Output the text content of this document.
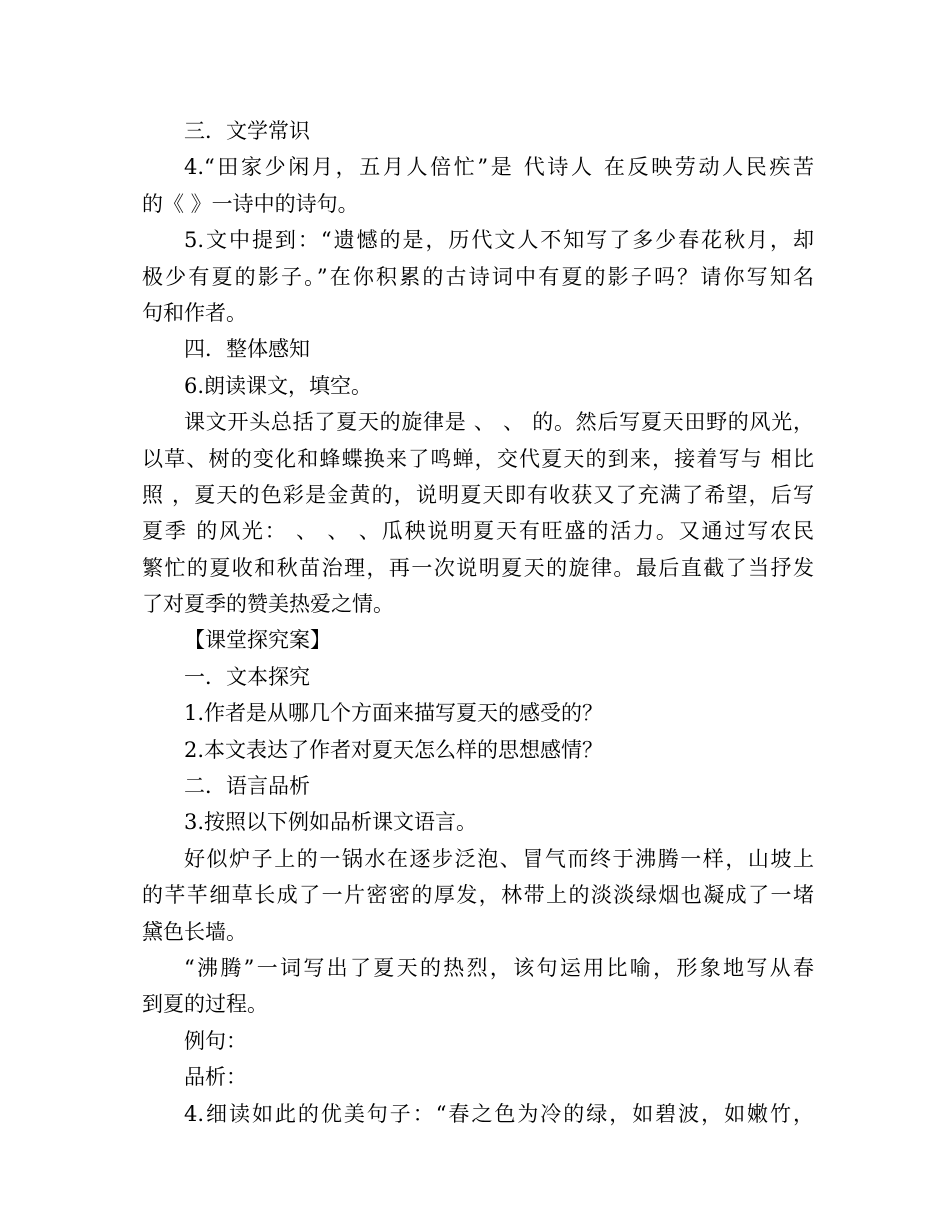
三．文学常识
4.“田家少闲月，五月人倍忙”是 代诗人 在反映劳动人民疾苦
的《 》一诗中的诗句。
5.文中提到：“遗憾的是，历代文人不知写了多少春花秋月，却
极少有夏的影子。”在你积累的古诗词中有夏的影子吗？请你写知名
句和作者。
四．整体感知
6.朗读课文，填空。
课文开头总括了夏天的旋律是 、 、 的。然后写夏天田野的风光，
以草、树的变化和蜂蝶换来了鸣蝉，交代夏天的到来，接着写与 相比
照 ，夏天的色彩是金黄的，说明夏天即有收获又了充满了希望，后写
夏季 的风光： 、 、 、瓜秧说明夏天有旺盛的活力。又通过写农民
繁忙的夏收和秋苗治理，再一次说明夏天的旋律。最后直截了当抒发
了对夏季的赞美热爱之情。
【课堂探究案】
一．文本探究
1.作者是从哪几个方面来描写夏天的感受的？
2.本文表达了作者对夏天怎么样的思想感情？
二．语言品析
3.按照以下例如品析课文语言。
好似炉子上的一锅水在逐步泛泡、冒气而终于沸腾一样，山坡上
的芊芊细草长成了一片密密的厚发，林带上的淡淡绿烟也凝成了一堵
黛色长墙。
“沸腾”一词写出了夏天的热烈，该句运用比喻，形象地写从春
到夏的过程。
例句：
品析：
4.细读如此的优美句子：“春之色为冷的绿，如碧波，如嫩竹，
